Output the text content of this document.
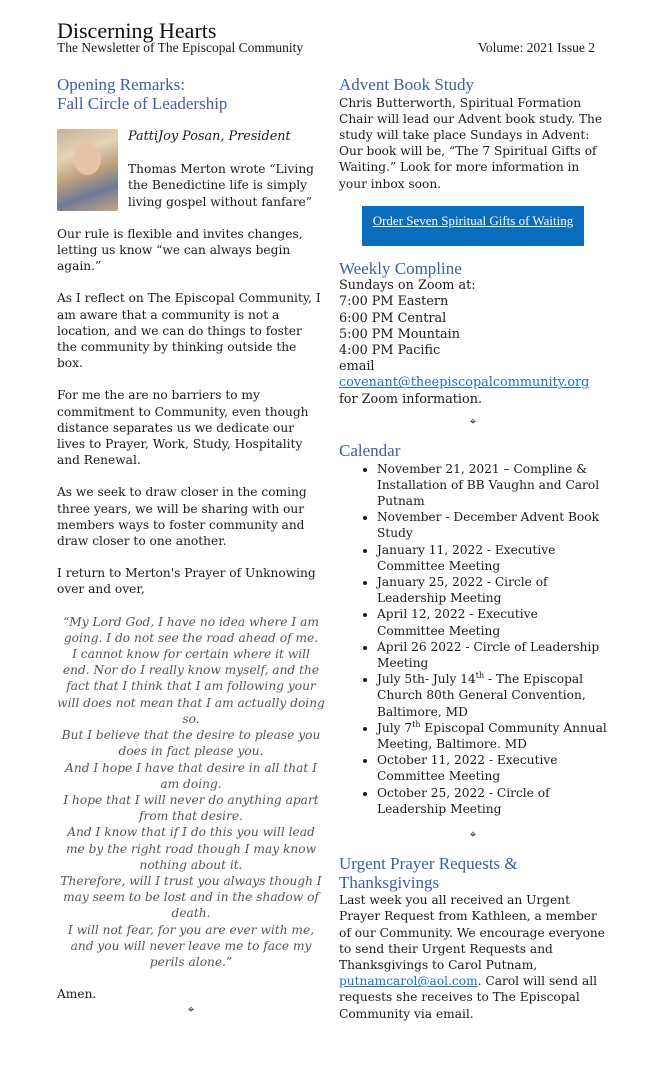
Discerning Hearts
The Newsletter of The Episcopal Community	Volume: 2021 Issue 2
Opening Remarks:
Fall Circle of Leadership

PattiJoy Posan, President

Thomas Merton wrote “Living the Benedictine life is simply living gospel without fanfare”

Our rule is flexible and invites changes, letting us know “we can always begin again.”

As I reflect on The Episcopal Community, I am aware that a community is not a location, and we can do things to foster the community by thinking outside the box.

For me the are no barriers to my commitment to Community, even though distance separates us we dedicate our lives to Prayer, Work, Study, Hospitality and Renewal.

As we seek to draw closer in the coming three years, we will be sharing with our members ways to foster community and draw closer to one another.

I return to Merton's Prayer of Unknowing over and over,

“My Lord God, I have no idea where I am going. I do not see the road ahead of me.
I cannot know for certain where it will end. Nor do I really know myself, and the fact that I think that I am following your will does not mean that I am actually doing so.
But I believe that the desire to please you does in fact please you.
And I hope I have that desire in all that I am doing.
I hope that I will never do anything apart from that desire.
And I know that if I do this you will lead me by the right road though I may know nothing about it.
Therefore, will I trust you always though I may seem to be lost and in the shadow of death.
I will not fear, for you are ever with me, and you will never leave me to face my perils alone.”
Amen.
⌖
Advent Book Study
Chris Butterworth, Spiritual Formation Chair will lead our Advent book study. The study will take place Sundays in Advent: Our book will be, “The 7 Spiritual Gifts of Waiting.” Look for more information in your inbox soon.
Order Seven Spiritual Gifts of Waiting
Weekly Compline
Sundays on Zoom at:
7:00 PM Eastern
6:00 PM Central
5:00 PM Mountain
4:00 PM Pacific
email covenant@theepiscopalcommunity.org
for Zoom information.
⌖
Calendar
• November 21, 2021 – Compline & Installation of BB Vaughn and Carol Putnam
• November - December Advent Book Study
• January 11, 2022 - Executive Committee Meeting
• January 25, 2022 - Circle of Leadership Meeting
• April 12, 2022 - Executive Committee Meeting
• April 26 2022 - Circle of Leadership Meeting
• July 5th- July 14th - The Episcopal Church 80th General Convention, Baltimore, MD
• July 7th Episcopal Community Annual Meeting, Baltimore. MD
• October 11, 2022 - Executive Committee Meeting
• October 25, 2022 - Circle of Leadership Meeting
⌖
Urgent Prayer Requests & Thanksgivings
Last week you all received an Urgent Prayer Request from Kathleen, a member of our Community. We encourage everyone to send their Urgent Requests and Thanksgivings to Carol Putnam, putnamcarol@aol.com. Carol will send all requests she receives to The Episcopal Community via email.
